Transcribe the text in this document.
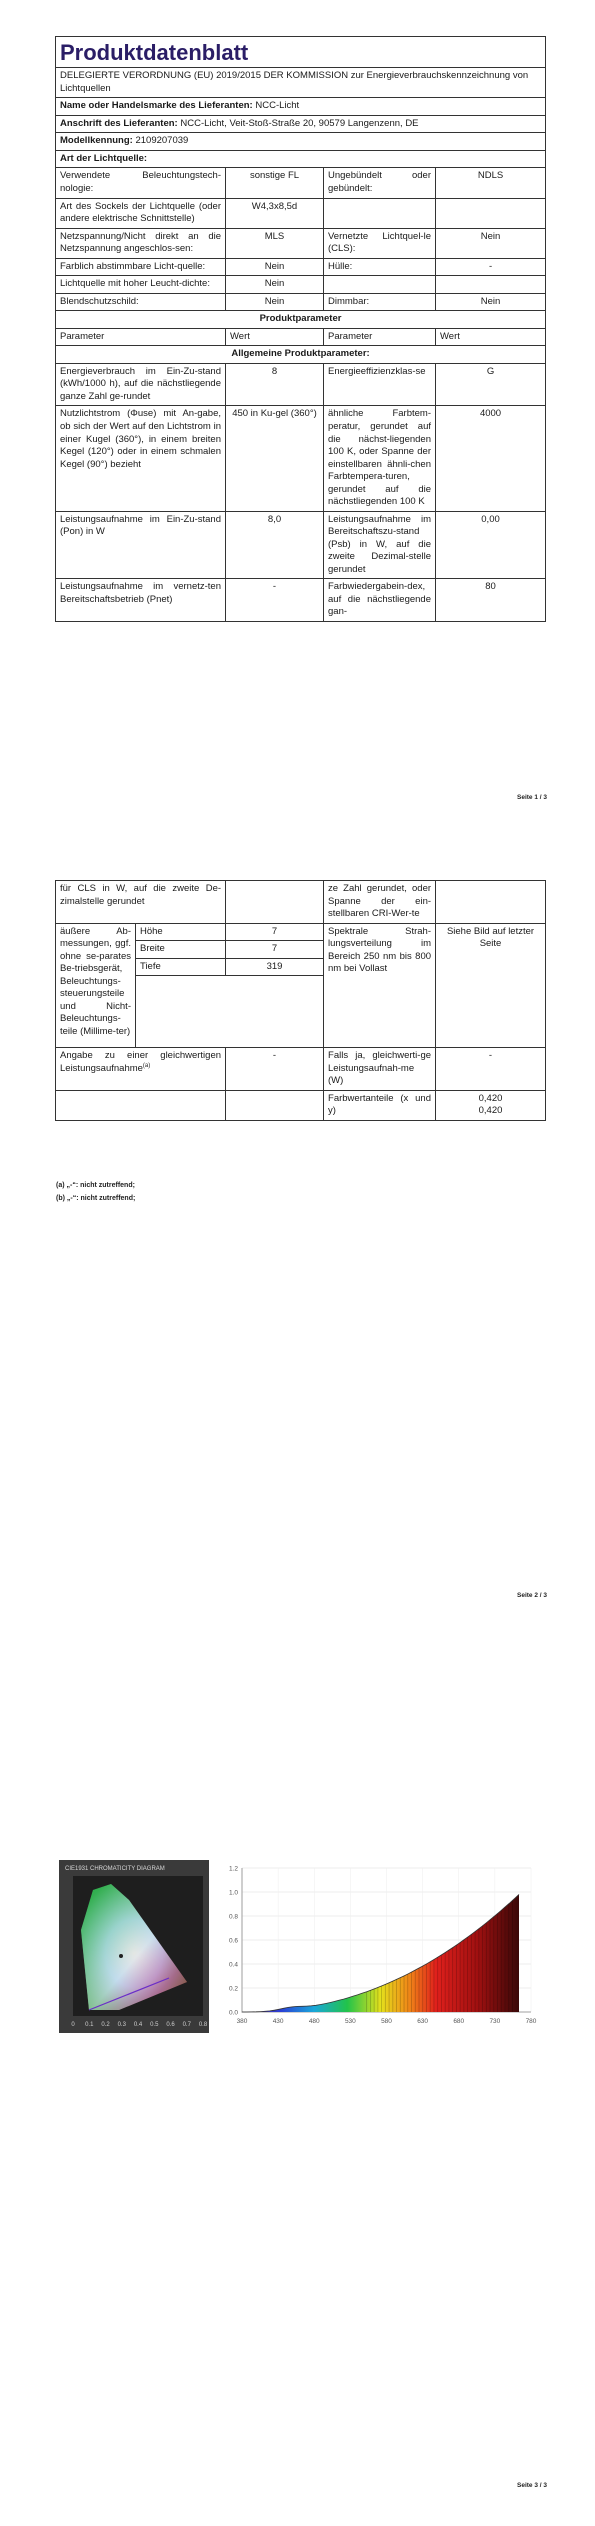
Produktdatenblatt			
DELEGIERTE VERORDNUNG (EU) 2019/2015 DER KOMMISSION zur Energieverbrauchskennzeichnung von Lichtquellen			
Name oder Handelsmarke des Lieferanten: NCC-Licht			
Anschrift des Lieferanten: NCC-Licht, Veit-Stoß-Straße 20, 90579 Langenzenn, DE			
Modellkennung: 2109207039			
Art der Lichtquelle:			
Verwendete Beleuchtungstech-nologie:	sonstige FL	Ungebündelt oder gebündelt:	NDLS
Art des Sockels der Lichtquelle (oder andere elektrische Schnittstelle)	W4,3x8,5d		
Netzspannung/Nicht direkt an die Netzspannung angeschlos-sen:	MLS	Vernetzte Lichtquel-le (CLS):	Nein
Farblich abstimmbare Licht-quelle:	Nein	Hülle:	-
Lichtquelle mit hoher Leucht-dichte:	Nein		
Blendschutzschild:	Nein	Dimmbar:	Nein
Produktparameter			
Parameter	Wert	Parameter	Wert
Allgemeine Produktparameter:			
Energieverbrauch im Ein-Zu-stand (kWh/1000 h), auf die nächstliegende ganze Zahl ge-rundet	8	Energieeffizienzklas-se	G
Nutzlichtstrom (Φuse) mit An-gabe, ob sich der Wert auf den Lichtstrom in einer Kugel (360°), in einem breiten Kegel (120°) oder in einem schmalen Kegel (90°) bezieht	450 in Ku-gel (360°)	ähnliche Farbtem-peratur, gerundet auf die nächst-liegenden 100 K, oder Spanne der einstellbaren ähnli-chen Farbtempera-turen, gerundet auf die nächstliegenden 100 K	4000
Leistungsaufnahme im Ein-Zu-stand (Pon) in W	8,0	Leistungsaufnahme im Bereitschaftszu-stand (Psb) in W, auf die zweite Dezimal-stelle gerundet	0,00
Leistungsaufnahme im vernetz-ten Bereitschaftsbetrieb (Pnet)	-	Farbwiedergabein-dex, auf die nächstliegende gan-	80
Seite 1 / 3
für CLS in W, auf die zweite De-zimalstelle gerundet			ze Zahl gerundet, oder Spanne der ein-stellbaren CRI-Wer-te	
äußere Ab-messungen, ggf. ohne se-parates Be-triebsgerät, Beleuchtungs-steuerungsteile und Nicht-Beleuchtungs-teile (Millime-ter)	Höhe	7	Spektrale Strah-lungsverteilung im Bereich 250 nm bis 800 nm bei Vollast	Siehe Bild auf letzter Seite
	Breite	7		
	Tiefe	319		

Angabe zu einer gleichwertigen Leistungsaufnahme$^{(a)}$		-	Falls ja, gleichwerti-ge Leistungsaufnah-me (W)	-
			Farbwertanteile (x und y)	0,420
0,420
(a) „-“: nicht zutreffend;
(b) „-“: nicht zutreffend;
Seite 2 / 3
CIE1931 CHROMATICITY DIAGRAM
0 0.1 0.2 0.3 0.4 0.5 0.6 0.7 0.8
1.2
1.0
0.8
0.6
0.4
0.2
0.0
380	430	480	530	580	630	680	730	780
Seite 3 / 3
